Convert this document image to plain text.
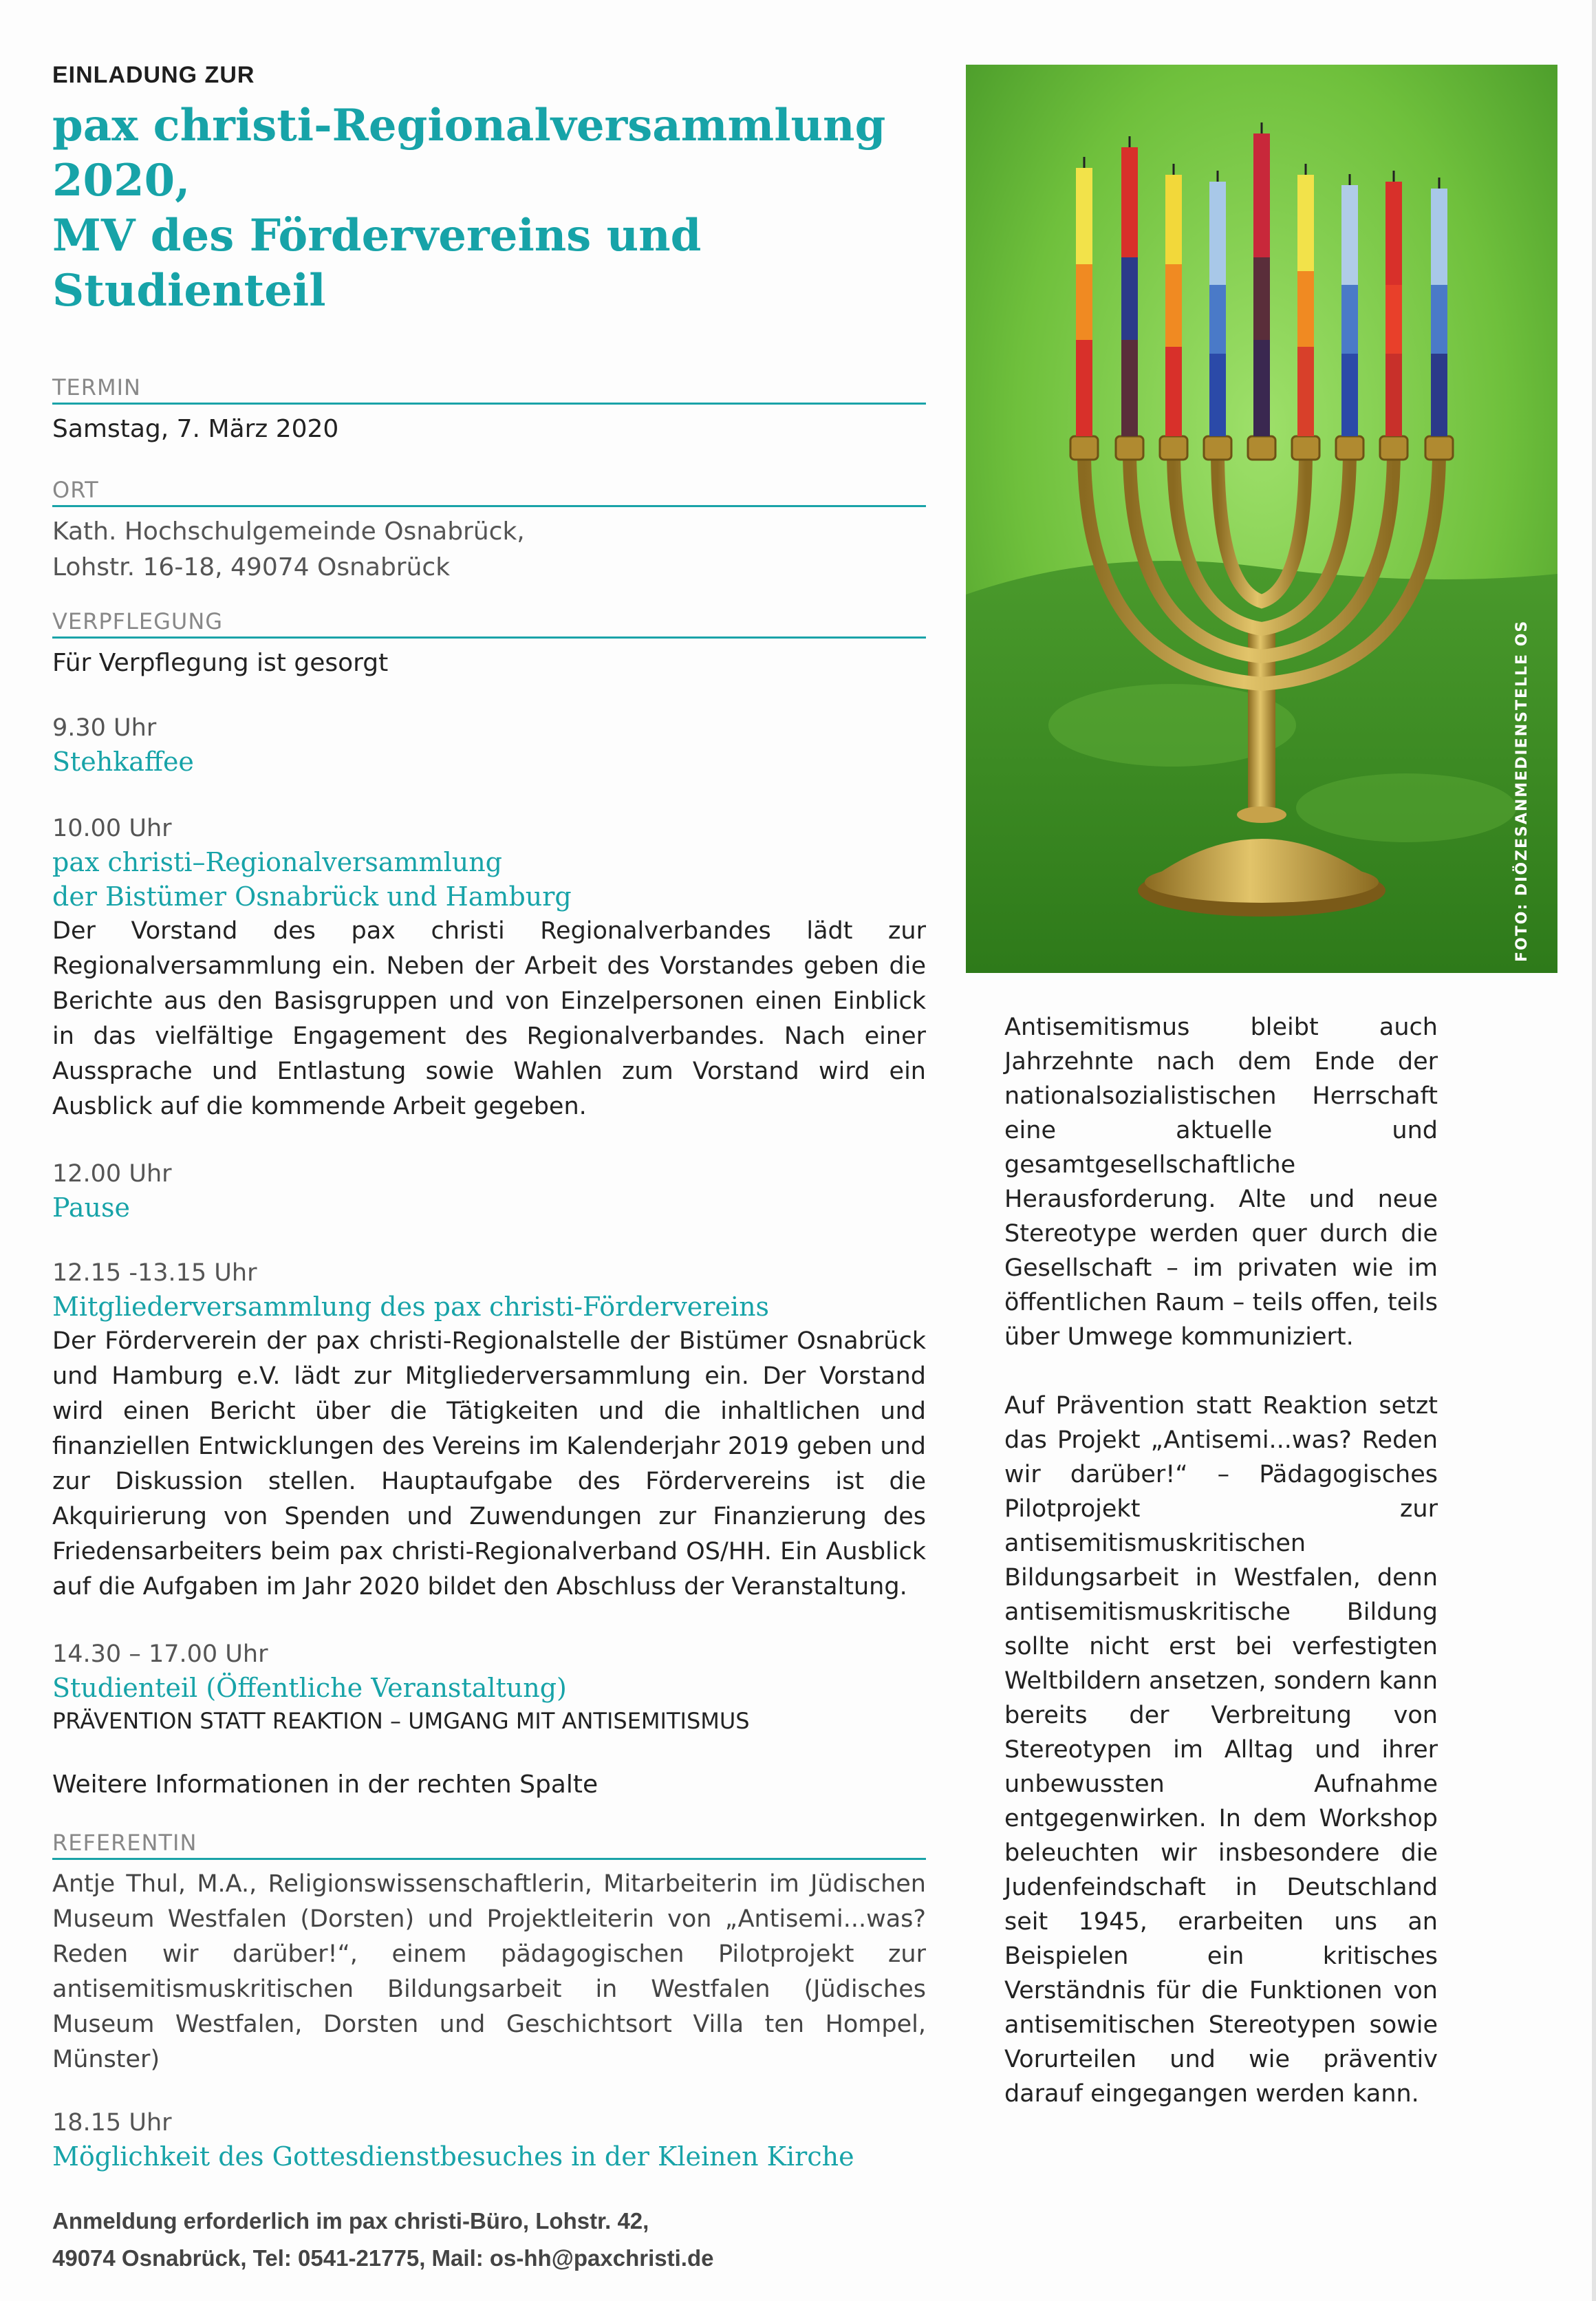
EINLADUNG ZUR
pax christi-Regionalversammlung 2020,
MV des Fördervereins und Studienteil
TERMIN
Samstag, 7. März 2020
ORT
Kath. Hochschulgemeinde Osnabrück,
Lohstr. 16-18, 49074 Osnabrück
VERPFLEGUNG
Für Verpflegung ist gesorgt
9.30 Uhr
Stehkaffee
10.00 Uhr
pax christi–Regionalversammlung
der Bistümer Osnabrück und Hamburg
Der Vorstand des pax christi Regionalverbandes lädt zur Regionalversammlung ein. Neben der Arbeit des Vorstandes geben die Berichte aus den Basisgruppen und von Einzelpersonen einen Einblick in das vielfältige Engagement des Regionalverbandes. Nach einer Aussprache und Entlastung sowie Wahlen zum Vorstand wird ein Ausblick auf die kommende Arbeit gegeben.
12.00 Uhr
Pause
12.15 -13.15 Uhr
Mitgliederversammlung des pax christi-Fördervereins
Der Förderverein der pax christi-Regionalstelle der Bistümer Osnabrück und Hamburg e.V. lädt zur Mitgliederversammlung ein. Der Vorstand wird einen Bericht über die Tätigkeiten und die inhaltlichen und finanziellen Entwicklungen des Vereins im Kalenderjahr 2019 geben und zur Diskussion stellen. Hauptaufgabe des Fördervereins ist die Akquirierung von Spenden und Zuwendungen zur Finanzierung des Friedensarbeiters beim pax christi-Regionalverband OS/HH. Ein Ausblick auf die Aufgaben im Jahr 2020 bildet den Abschluss der Veranstaltung.
14.30 – 17.00 Uhr
Studienteil (Öffentliche Veranstaltung)
PRÄVENTION STATT REAKTION – UMGANG MIT ANTISEMITISMUS
Weitere Informationen in der rechten Spalte
REFERENTIN
Antje Thul, M.A., Religionswissenschaftlerin, Mitarbeiterin im Jüdischen Museum Westfalen (Dorsten) und Projektleiterin von „Antisemi...was? Reden wir darüber!“, einem pädagogischen Pilotprojekt zur antisemitismuskritischen Bildungsarbeit in Westfalen (Jüdisches Museum Westfalen, Dorsten und Geschichtsort Villa ten Hompel, Münster)
18.15 Uhr
Möglichkeit des Gottesdienstbesuches in der Kleinen Kirche
Anmeldung erforderlich im pax christi-Büro, Lohstr. 42,
49074 Osnabrück, Tel: 0541-21775, Mail: os-hh@paxchristi.de
FOTO: DIÖZESANMEDIENSTELLE OS

Antisemitismus bleibt auch Jahrzehnte nach dem Ende der nationalsozialistischen Herrschaft eine aktuelle und gesamtgesellschaftliche Herausforderung. Alte und neue Stereotype werden quer durch die Gesellschaft – im privaten wie im öffentlichen Raum – teils offen, teils über Umwege kommuniziert.

Auf Prävention statt Reaktion setzt das Projekt „Antisemi...was? Reden wir darüber!“ – Pädagogisches Pilotprojekt zur antisemitismuskritischen Bildungsarbeit in Westfalen, denn antisemitismuskritische Bildung sollte nicht erst bei verfestigten Weltbildern ansetzen, sondern kann bereits der Verbreitung von Stereotypen im Alltag und ihrer unbewussten Aufnahme entgegenwirken. In dem Workshop beleuchten wir insbesondere die Judenfeindschaft in Deutschland seit 1945, erarbeiten uns an Beispielen ein kritisches Verständnis für die Funktionen von antisemitischen Stereotypen sowie Vorurteilen und wie präventiv darauf eingegangen werden kann.
